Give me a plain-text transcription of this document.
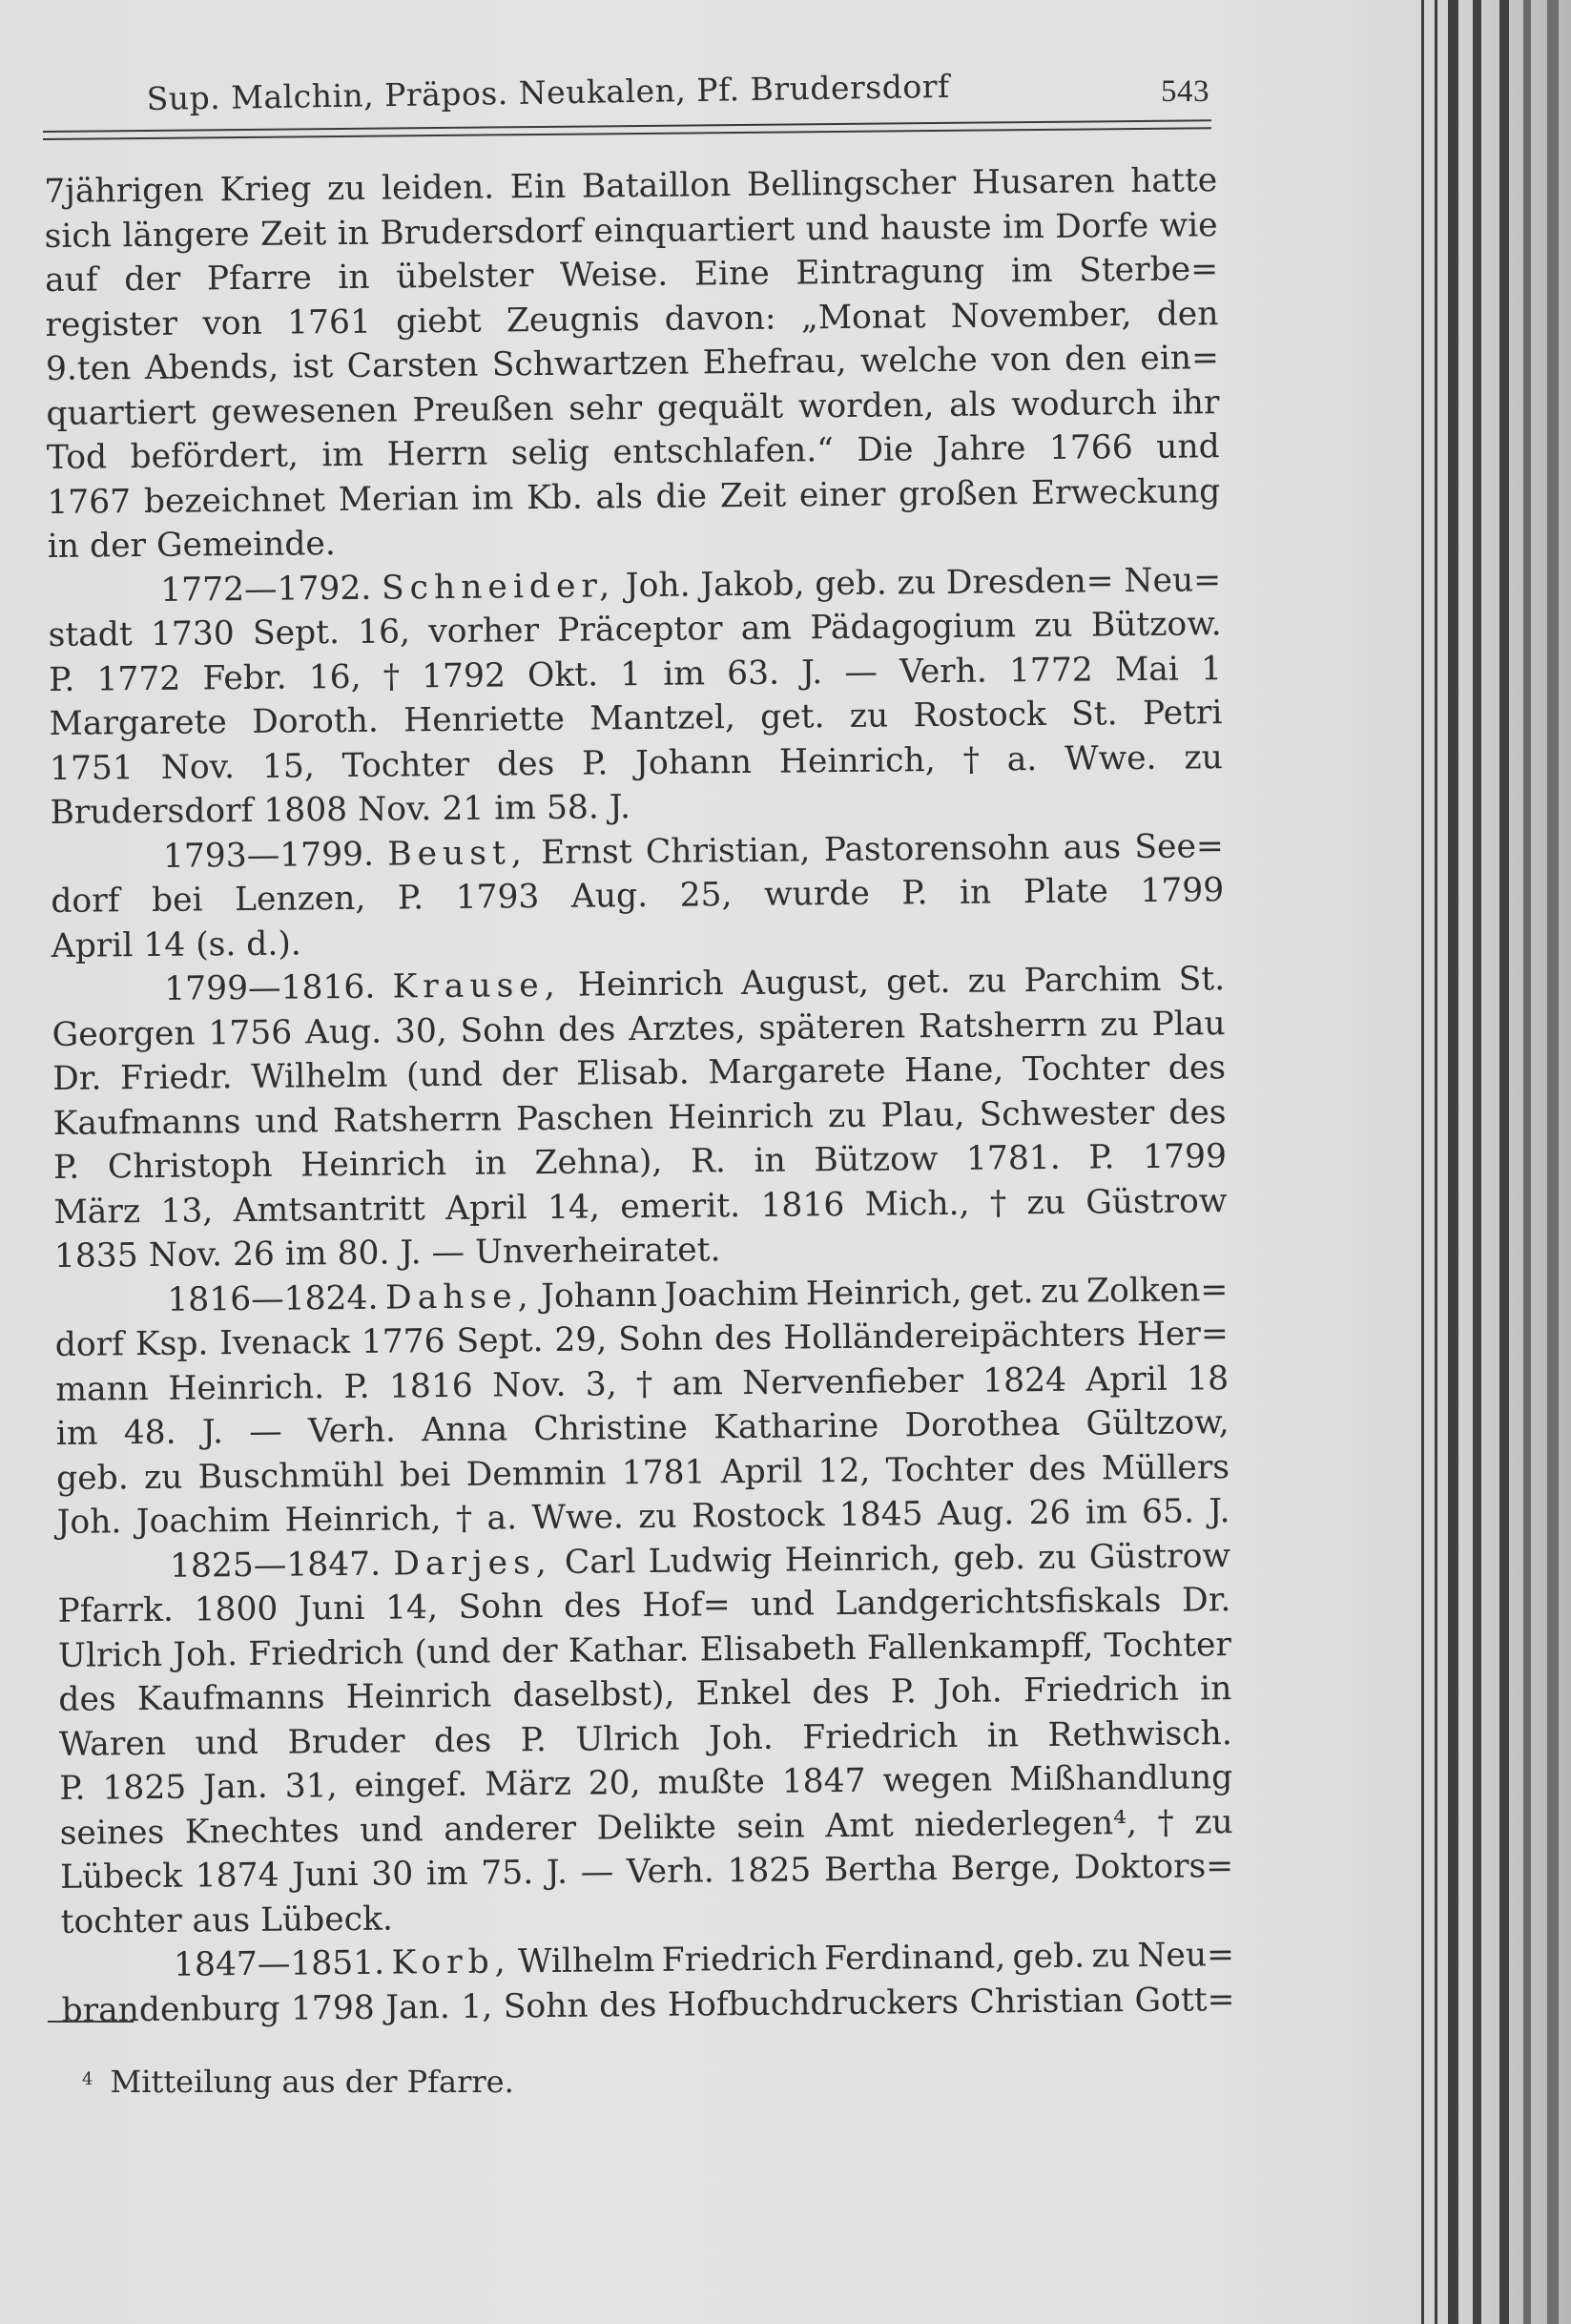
Sup. Malchin, Präpos. Neukalen, Pf. Brudersdorf	543
7jährigen Krieg zu leiden. Ein Bataillon Bellingscher Husaren hatte
sich längere Zeit in Brudersdorf einquartiert und hauste im Dorfe wie
auf der Pfarre in übelster Weise. Eine Eintragung im Sterbe=
register von 1761 giebt Zeugnis davon: „Monat November, den
9.ten Abends, ist Carsten Schwartzen Ehefrau, welche von den ein=
quartiert gewesenen Preußen sehr gequält worden, als wodurch ihr
Tod befördert, im Herrn selig entschlafen.“ Die Jahre 1766 und
1767 bezeichnet Merian im Kb. als die Zeit einer großen Erweckung
in
der
Gemeinde.
1772—1792. Schneider, Joh. Jakob, geb. zu Dresden= Neu=
stadt 1730 Sept. 16, vorher Präceptor am Pädagogium zu Bützow.
P. 1772 Febr. 16, † 1792 Okt. 1 im 63. J. — Verh. 1772 Mai 1
Margarete Doroth. Henriette Mantzel, get. zu Rostock St. Petri
1751 Nov. 15, Tochter des P. Johann Heinrich, † a. Wwe. zu
Brudersdorf
1808
Nov.
21
im
58.
J.
1793—1799. Beust, Ernst Christian, Pastorensohn aus See=
dorf bei Lenzen, P. 1793 Aug. 25, wurde P. in Plate 1799
April
14
(s.
d.).
1799—1816. Krause, Heinrich August, get. zu Parchim St.
Georgen 1756 Aug. 30, Sohn des Arztes, späteren Ratsherrn zu Plau
Dr. Friedr. Wilhelm (und der Elisab. Margarete Hane, Tochter des
Kaufmanns und Ratsherrn Paschen Heinrich zu Plau, Schwester des
P. Christoph Heinrich in Zehna), R. in Bützow 1781. P. 1799
März 13, Amtsantritt April 14, emerit. 1816 Mich., † zu Güstrow
1835
Nov.
26
im
80.
J.
—
Unverheiratet.
1816—1824. Dahse, Johann Joachim Heinrich, get. zu Zolken=
dorf Ksp. Ivenack 1776 Sept. 29, Sohn des Holländereipächters Her=
mann Heinrich. P. 1816 Nov. 3, † am Nervenfieber 1824 April 18
im 48. J. — Verh. Anna Christine Katharine Dorothea Gültzow,
geb. zu Buschmühl bei Demmin 1781 April 12, Tochter des Müllers
Joh. Joachim Heinrich, † a. Wwe. zu Rostock 1845 Aug. 26 im 65. J.
1825—1847. Darjes, Carl Ludwig Heinrich, geb. zu Güstrow
Pfarrk. 1800 Juni 14, Sohn des Hof= und Landgerichtsfiskals Dr.
Ulrich Joh. Friedrich (und der Kathar. Elisabeth Fallenkampff, Tochter
des Kaufmanns Heinrich daselbst), Enkel des P. Joh. Friedrich in
Waren und Bruder des P. Ulrich Joh. Friedrich in Rethwisch.
P. 1825 Jan. 31, eingef. März 20, mußte 1847 wegen Mißhandlung
seines Knechtes und anderer Delikte sein Amt niederlegen⁴, † zu
Lübeck 1874 Juni 30 im 75. J. — Verh. 1825 Bertha Berge, Doktors=
tochter
aus
Lübeck.
1847—1851. Korb, Wilhelm Friedrich Ferdinand, geb. zu Neu=
brandenburg 1798 Jan. 1, Sohn des Hofbuchdruckers Christian Gott=
$^4$ Mitteilung aus der Pfarre.
